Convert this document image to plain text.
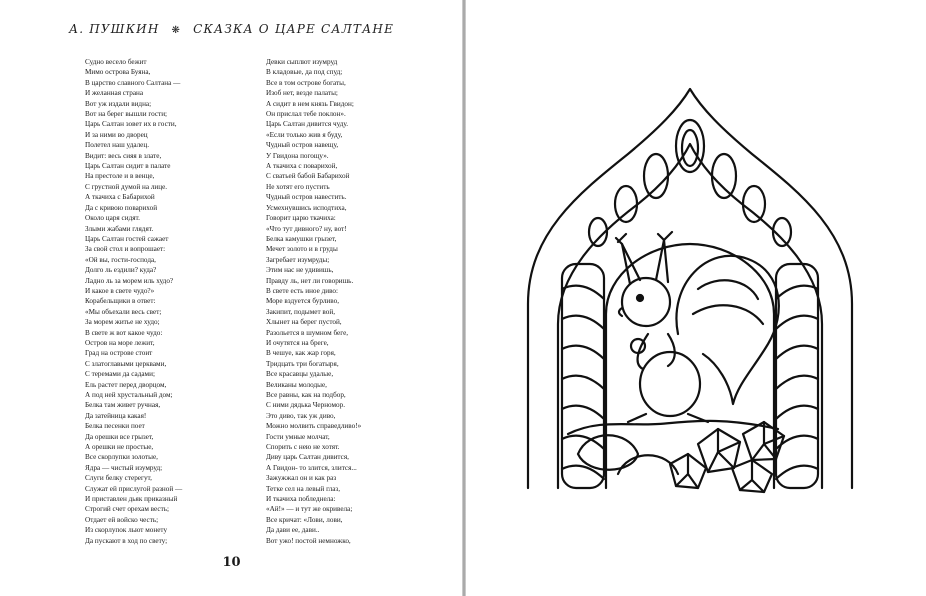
А. ПУШКИН ❋ СКАЗКА О ЦАРЕ САЛТАНЕ
Судно весело бежит
Мимо острова Буяна,
В царство славного Салтана —
И желанная страна
Вот уж издали видна;
Вот на берег вышли гости;
Царь Салтан зовет их в гости,
И за ними во дворец
Полетел наш удалец.
Видит: весь сияя в злате,
Царь Салтан сидит в палате
На престоле и в венце,
С грустной думой на лице.
А ткачиха с Бабарихой
Да с кривою поварихой
Около царя сидят.
Злыми жабами глядят.
Царь Салтан гостей сажает
За свой стол и вопрошает:
«Ой вы, гости-господа,
Долго ль ездили? куда?
Ладно ль за морем иль худо?
И какое в свете чудо?»
Корабельщики в ответ:
«Мы объехали весь свет;
За морем житье не худо;
В свете ж вот какое чудо:
Остров на море лежит,
Град на острове стоит
С златоглавыми церквами,
С теремами да садами;
Ель растет перед дворцом,
А под ней хрустальный дом;
Белка там живет ручная,
Да затейница какая!
Белка песенки поет
Да орешки все грызет,
А орешки не простые,
Все скорлупки золотые,
Ядра — чистый изумруд;
Слуги белку стерегут,
Служат ей прислугой разной —
И приставлен дьяк приказный
Строгий счет орехам весть;
Отдает ей войско честь;
Из скорлупок льют монету
Да пускают в ход по свету;
Девки сыплют изумруд
В кладовые, да под спуд;
Все в том острове богаты,
Изоб нет, везде палаты;
А сидит в нем князь Гвидон;
Он прислал тебе поклон».
Царь Салтан дивится чуду.
«Если только жив я буду,
Чудный остров навещу,
У Гвидона погощу».
А ткачиха с поварихой,
С сватьей бабой Бабарихой
Не хотят его пустить
Чудный остров навестить.
Усмехнувшись исподтиха,
Говорит царю ткачиха:
«Что тут дивного? ну, вот!
Белка камушки грызет,
Мечет золото и в груды
Загребает изумруды;
Этим нас не удивишь,
Правду ль, нет ли говоришь.
В свете есть иное диво:
Море вздуется бурливо,
Закипит, подымет вой,
Хлынет на берег пустой,
Разольется в шумном беге,
И очутятся на бреге,
В чешуе, как жар горя,
Тридцать три богатыря,
Все красавцы удалые,
Великаны молодые,
Все равны, как на подбор,
С ними дядька Черномор.
Это диво, так уж диво,
Можно молвить справедливо!»
Гости умные молчат,
Спорить с нею не хотят.
Диву царь Салтан дивится,
А Гвидон- то злится, злится...
Зажужжал он и как раз
Тетке сел на левый глаз,
И ткачиха побледнела:
«Ай!» — и тут же окривела;
Все кричат: «Лови, лови,
Да дави ее, дави..
Вот ужо! постой немножко,
10
